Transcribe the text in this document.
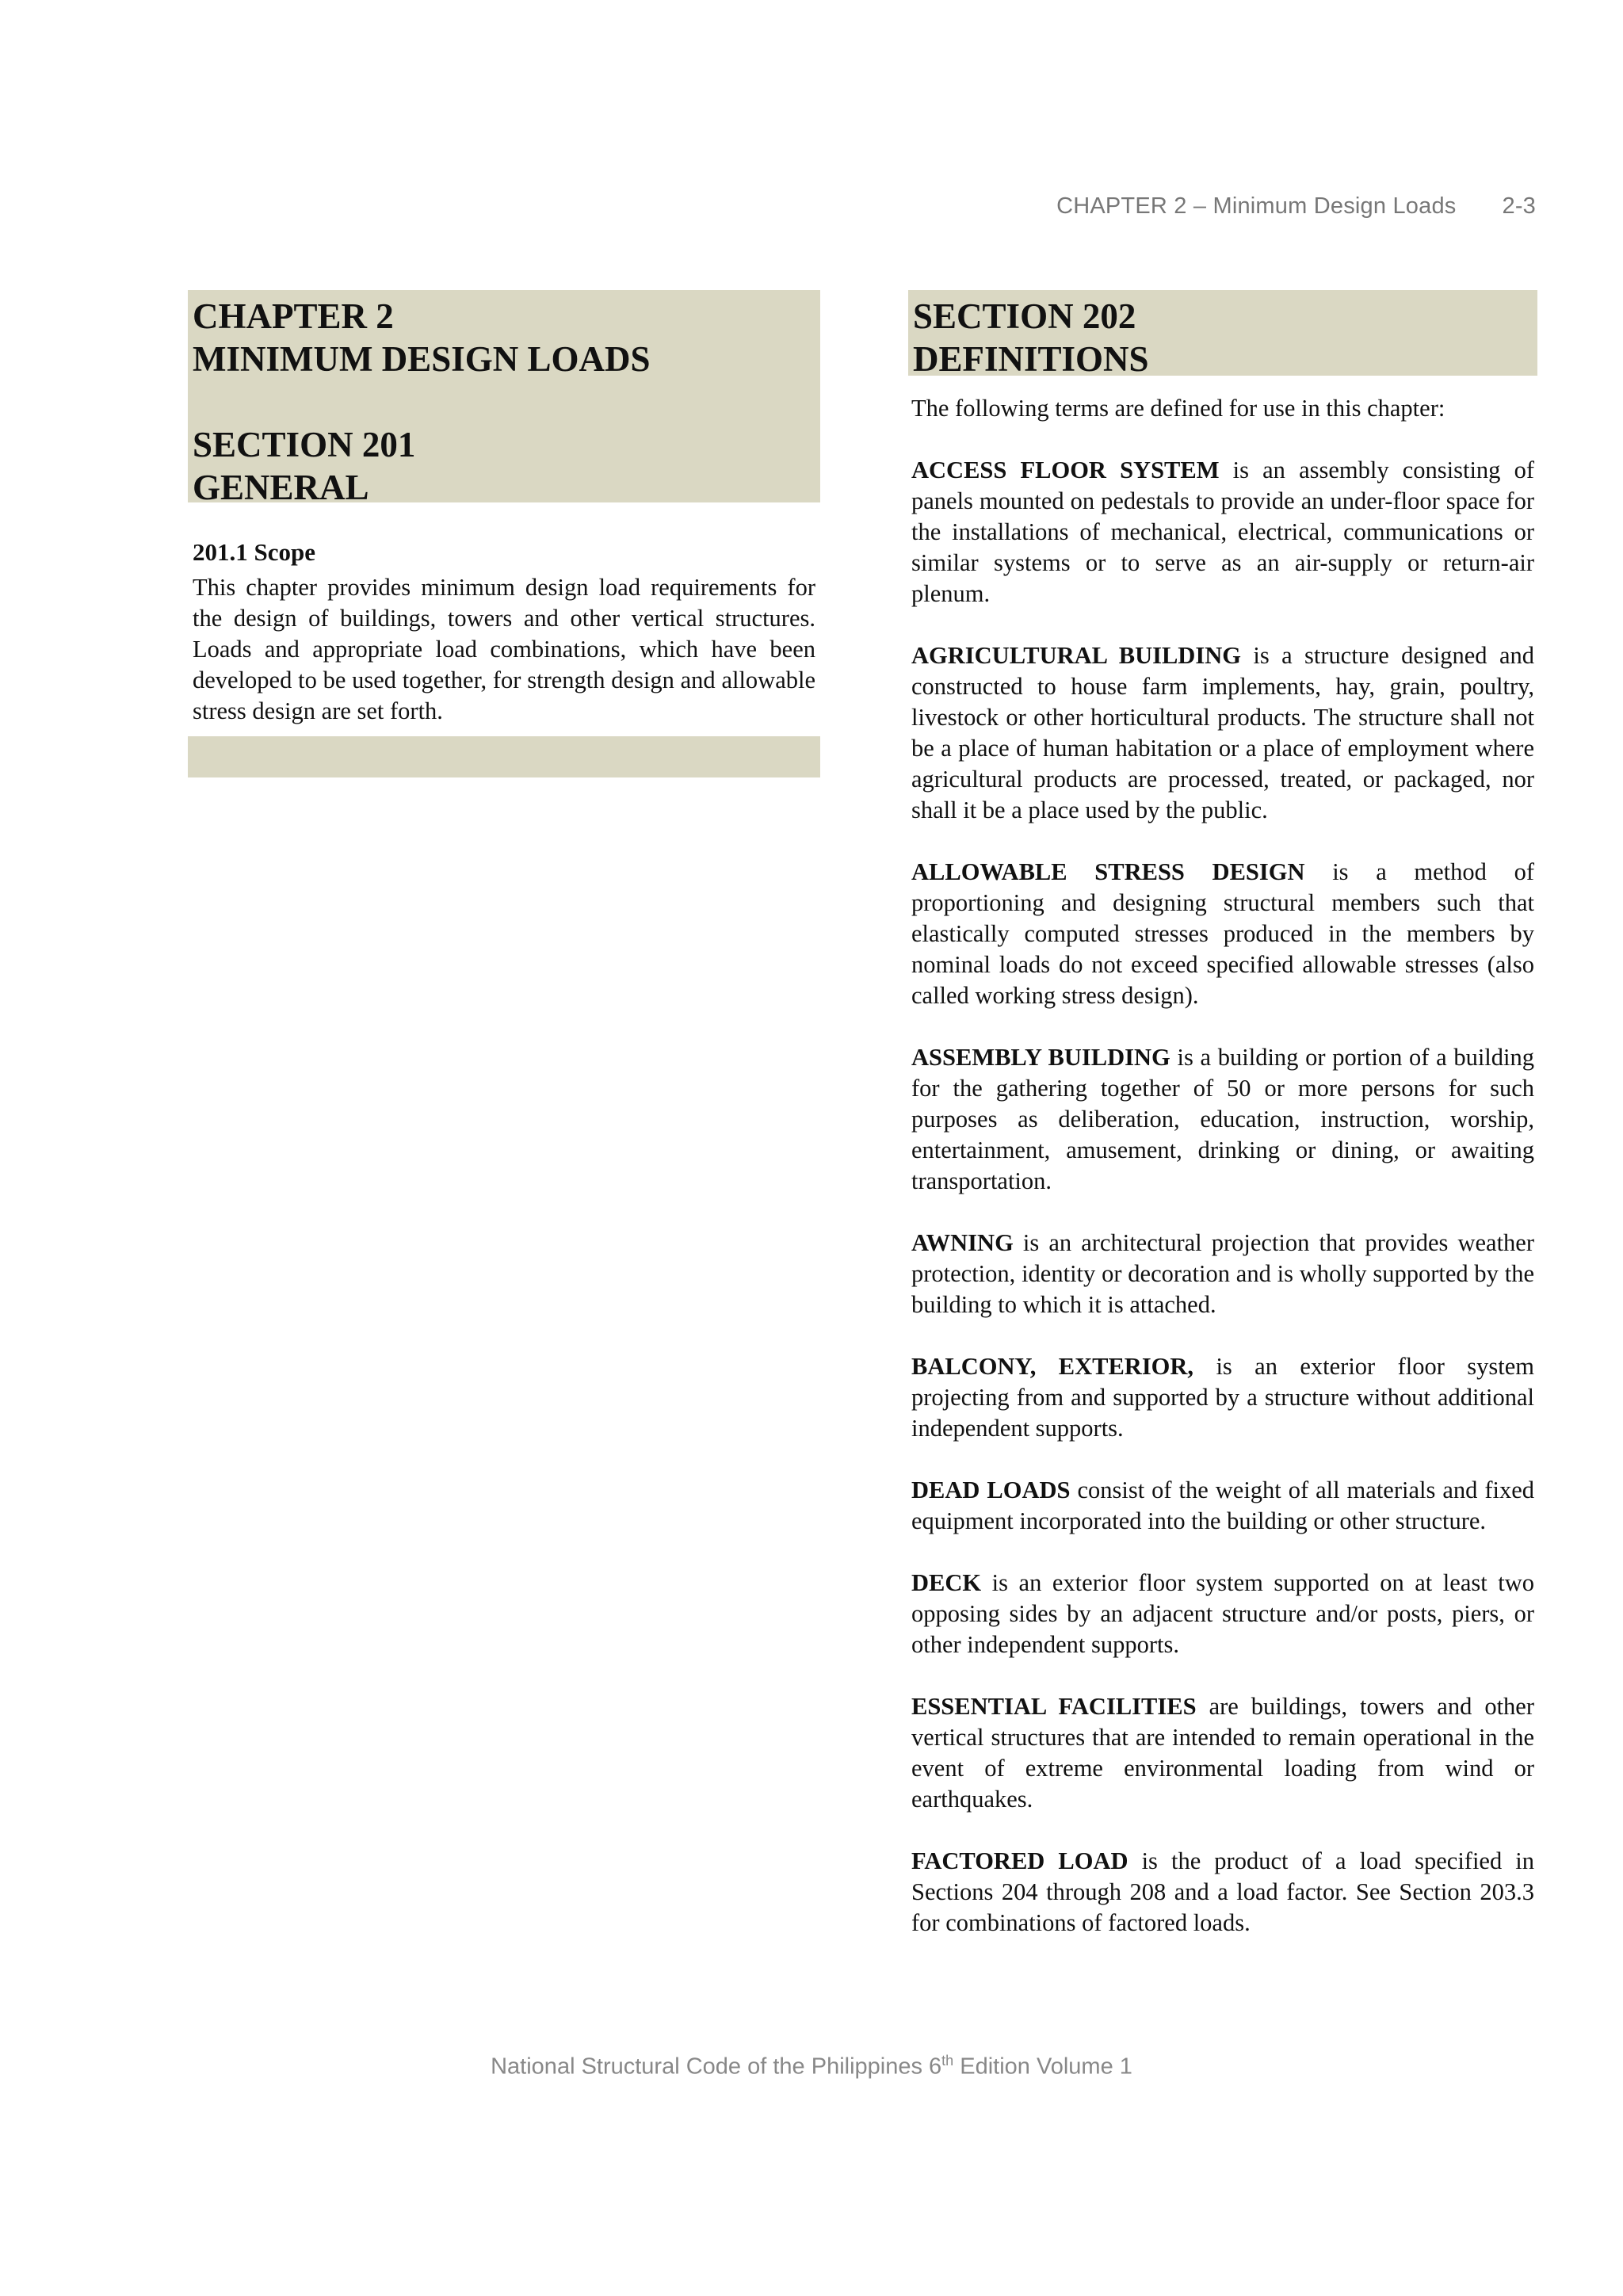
CHAPTER 2 – Minimum Design Loads 2-3
CHAPTER 2
MINIMUM DESIGN LOADS
SECTION 201
GENERAL
201.1 Scope
This chapter provides minimum design load requirements for the design of buildings, towers and other vertical structures. Loads and appropriate load combinations, which have been developed to be used together, for strength design and allowable stress design are set forth.
SECTION 202
DEFINITIONS
The following terms are defined for use in this chapter:
ACCESS FLOOR SYSTEM is an assembly consisting of panels mounted on pedestals to provide an under-floor space for the installations of mechanical, electrical, communications or similar systems or to serve as an air-supply or return-air plenum.
AGRICULTURAL BUILDING is a structure designed and constructed to house farm implements, hay, grain, poultry, livestock or other horticultural products. The structure shall not be a place of human habitation or a place of employment where agricultural products are processed, treated, or packaged, nor shall it be a place used by the public.
ALLOWABLE STRESS DESIGN is a method of proportioning and designing structural members such that elastically computed stresses produced in the members by nominal loads do not exceed specified allowable stresses (also called working stress design).
ASSEMBLY BUILDING is a building or portion of a building for the gathering together of 50 or more persons for such purposes as deliberation, education, instruction, worship, entertainment, amusement, drinking or dining, or awaiting transportation.
AWNING is an architectural projection that provides weather protection, identity or decoration and is wholly supported by the building to which it is attached.
BALCONY, EXTERIOR, is an exterior floor system projecting from and supported by a structure without additional independent supports.
DEAD LOADS consist of the weight of all materials and fixed equipment incorporated into the building or other structure.
DECK is an exterior floor system supported on at least two opposing sides by an adjacent structure and/or posts, piers, or other independent supports.
ESSENTIAL FACILITIES are buildings, towers and other vertical structures that are intended to remain operational in the event of extreme environmental loading from wind or earthquakes.
FACTORED LOAD is the product of a load specified in Sections 204 through 208 and a load factor. See Section 203.3 for combinations of factored loads.
National Structural Code of the Philippines 6th Edition Volume 1
